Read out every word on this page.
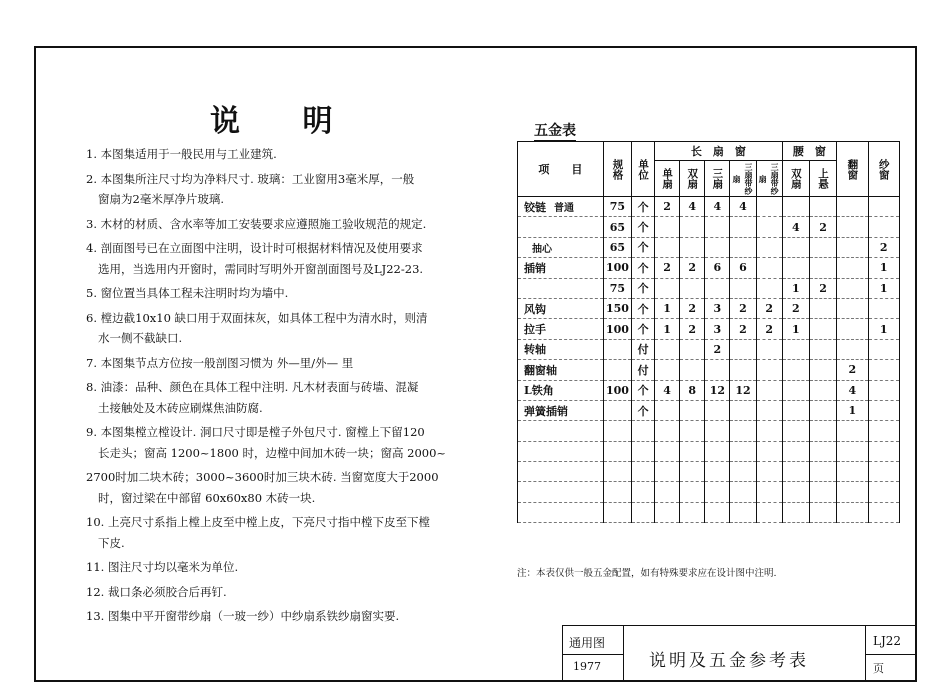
说 明
1. 本图集适用于一般民用与工业建筑.
2. 本图集所注尺寸均为净料尺寸. 玻璃：工业窗用3毫米厚，一般
窗扇为2毫米厚净片玻璃.
3. 木材的材质、含水率等加工安装要求应遵照施工验收规范的规定.
4. 剖面图号已在立面图中注明，设计时可根据材料情况及使用要求
选用，当选用内开窗时，需同时写明外开窗剖面图号及LJ22-23.
5. 窗位置当具体工程未注明时均为墙中.
6. 樘边截10x10 缺口用于双面抹灰，如具体工程中为清水时，则清
水一侧不截缺口.
7. 本图集节点方位按一般剖图习惯为 外—里/外— 里
8. 油漆：品种、颜色在具体工程中注明. 凡木材表面与砖墙、混凝
土接触处及木砖应刷煤焦油防腐.
9. 本图集樘立樘设计. 洞口尺寸即是樘子外包尺寸. 窗樘上下留120
长走头；窗高 1200~1800 时，边樘中间加木砖一块；窗高 2000~
2700时加二块木砖；3000~3600时加三块木砖. 当窗宽度大于2000
时，窗过梁在中部留 60x60x80 木砖一块.
10. 上亮尺寸系指上樘上皮至中樘上皮，下亮尺寸指中樘下皮至下樘
下皮.
11. 图注尺寸均以毫米为单位.
12. 裁口条必须胶合后再钉.
13. 图集中平开窗带纱扇（一玻一纱）中纱扇系铁纱扇窗实要.
五金表
项　　目	规格	单位	长　扇　窗					腰　窗		翻窗	纱窗
			单扇	双扇	三扇	三扇带纱扇	三扇带纱扇	双扇	上悬		
铰链 普通	75	个	2	4	4	4					
	65	个						4	2		
抽心	65	个									2
插销	100	个	2	2	6	6					1
	75	个						1	2		1
风钩	150	个	1	2	3	2	2	2			
拉手	100	个	1	2	3	2	2	1			1
转轴		付			2						
翻窗轴		付								2	
L铁角	100	个	4	8	12	12				4	
弹簧插销		个								1	

注：本表仅供一般五金配置，如有特殊要求应在设计图中注明.
通用图
1977	说明及五金参考表
LJ22
页
